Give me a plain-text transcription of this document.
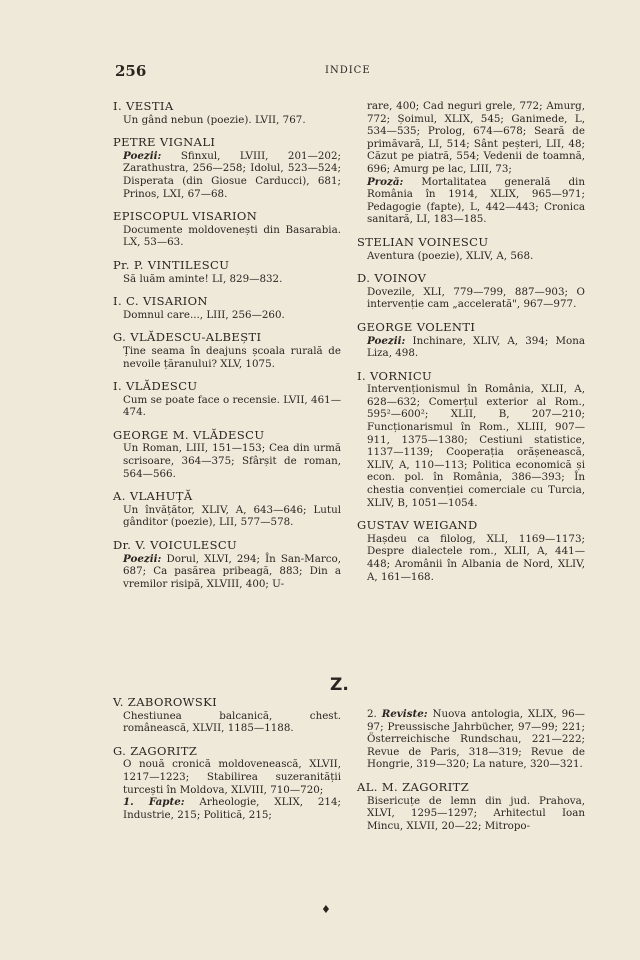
256	INDICE
I. VESTIA
Un gând nebun (poezie). LVII, 767.
PETRE VIGNALI
Poezii: Sfinxul, LVIII, 201—202; Zarathustra, 256—258; Idolul, 523—524; Disperata (din Giosue Carducci), 681; Prinos, LXI, 67—68.
EPISCOPUL VISARION
Documente moldovenești din Basarabia. LX, 53—63.
Pr. P. VINTILESCU
Să luăm aminte! LI, 829—832.
I. C. VISARION
Domnul care..., LIII, 256—260.
G. VLĂDESCU-ALBEȘTI
Ține seama în deajuns școala rurală de nevoile țăranului? XLV, 1075.
I. VLĂDESCU
Cum se poate face o recensie. LVII, 461—474.
GEORGE M. VLĂDESCU
Un Roman, LIII, 151—153; Cea din urmă scrisoare, 364—375; Sfârșit de roman, 564—566.
A. VLAHUȚĂ
Un învățător, XLIV, A, 643—646; Lutul gânditor (poezie), LII, 577—578.
Dr. V. VOICULESCU
Poezii: Dorul, XLVI, 294; În San-Marco, 687; Ca pasărea pribeagă, 883; Din a vremilor risipă, XLVIII, 400; U-
rare, 400; Cad neguri grele, 772; Amurg, 772; Șoimul, XLIX, 545; Ganimede, L, 534—535; Prolog, 674—678; Seară de primăvară, LI, 514; Sânt peșteri, LII, 48; Căzut pe piatră, 554; Vedenii de toamnă, 696; Amurg pe lac, LIII, 73;
Proză: Mortalitatea generală din România în 1914, XLIX, 965—971; Pedagogie (fapte), L, 442—443; Cronica sanitară, LI, 183—185.
STELIAN VOINESCU
Aventura (poezie), XLIV, A, 568.
D. VOINOV
Dovezile, XLI, 779—799, 887—903; O intervenție cam „accelerată", 967—977.
GEORGE VOLENTI
Poezii: Inchinare, XLIV, A, 394; Mona Liza, 498.
I. VORNICU
Intervenționismul în România, XLII, A, 628—632; Comerțul exterior al Rom., 595²—600²; XLII, B, 207—210; Funcționarismul în Rom., XLIII, 907—911, 1375—1380; Cestiuni statistice, 1137—1139; Cooperația orășenească, XLIV, A, 110—113; Politica economică și econ. pol. în România, 386—393; În chestia convenției comerciale cu Turcia, XLIV, B, 1051—1054.
GUSTAV WEIGAND
Hașdeu ca filolog, XLI, 1169—1173; Despre dialectele rom., XLII, A, 441—448; Aromânii în Albania de Nord, XLIV, A, 161—168.
Z.
V. ZABOROWSKI
Chestiunea balcanică, chest. românească, XLVII, 1185—1188.
G. ZAGORITZ
O nouă cronică moldovenească, XLVII, 1217—1223; Stabilirea suzeranității turcești în Moldova, XLVIII, 710—720;
1. Fapte: Arheologie, XLIX, 214; Industrie, 215; Politică, 215;
2. Reviste: Nuova antologia, XLIX, 96—97; Preussische Jahrbücher, 97—99; 221; Österreichische Rundschau, 221—222; Revue de Paris, 318—319; Revue de Hongrie, 319—320; La nature, 320—321.
AL. M. ZAGORITZ
Bisericuțe de lemn din jud. Prahova, XLVI, 1295—1297; Arhitectul Ioan Mincu, XLVII, 20—22; Mitropo-
♦
